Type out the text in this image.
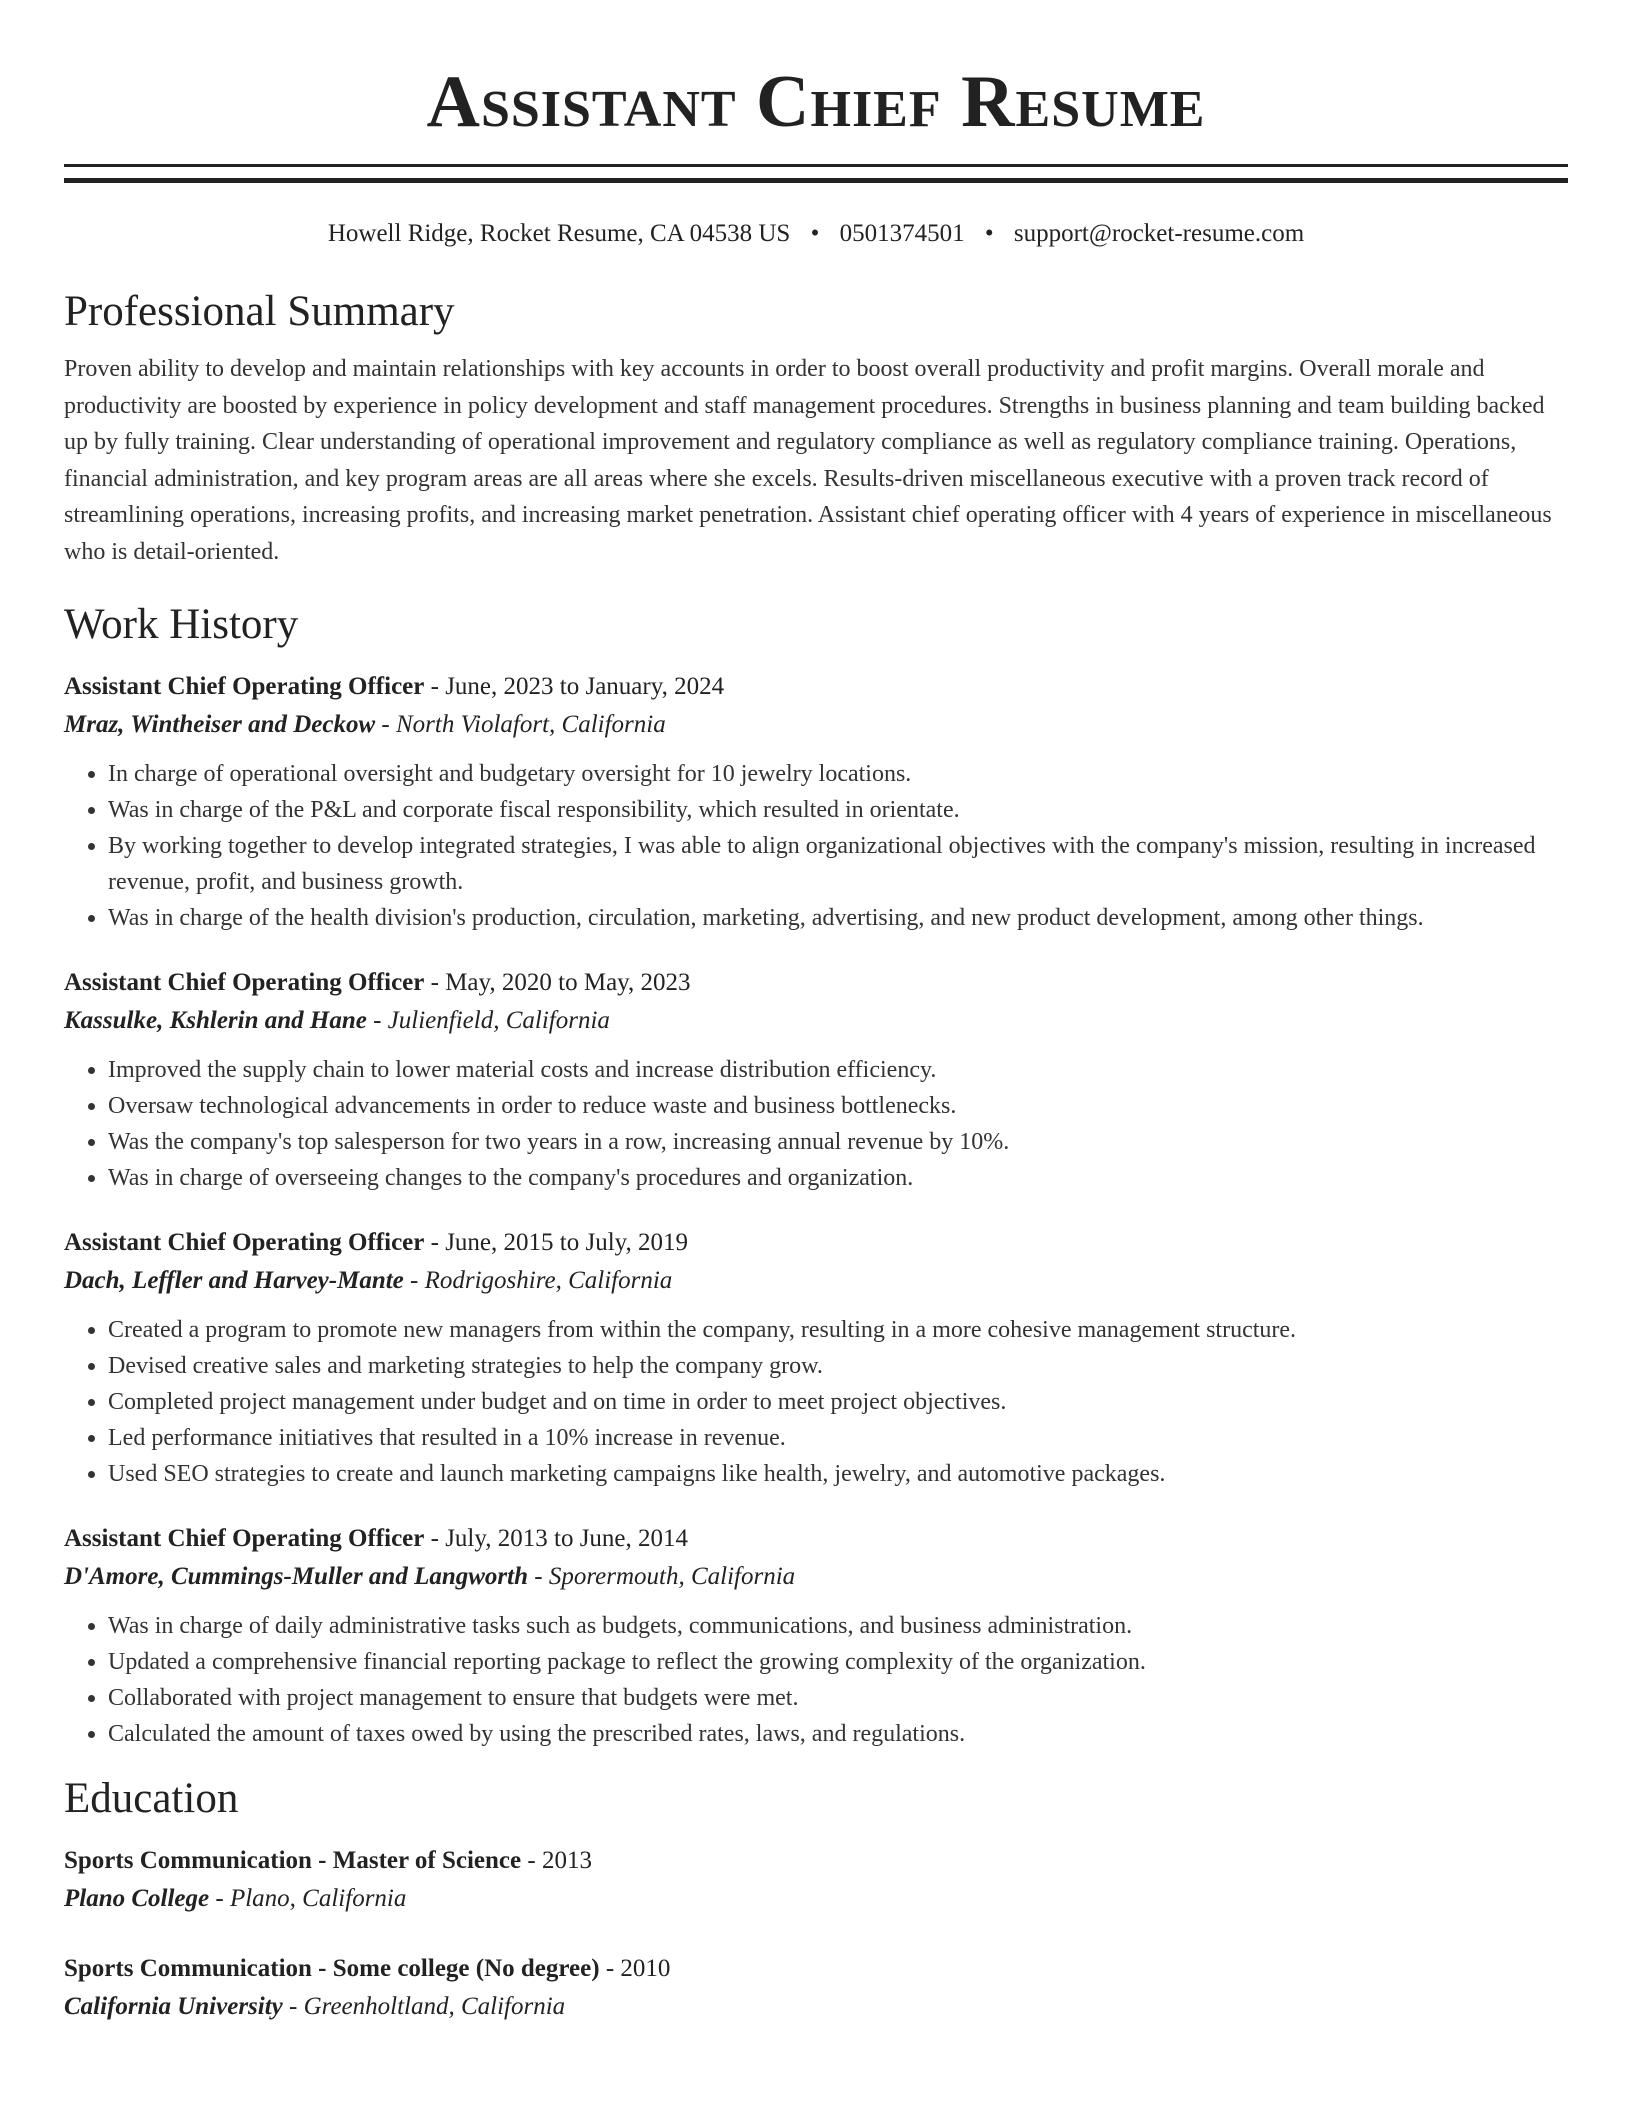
Assistant Chief Resume
Howell Ridge, Rocket Resume, CA 04538 US • 0501374501 • support@rocket-resume.com
Professional Summary

Proven ability to develop and maintain relationships with key accounts in order to boost overall productivity and profit margins. Overall morale and productivity are boosted by experience in policy development and staff management procedures. Strengths in business planning and team building backed up by fully training. Clear understanding of operational improvement and regulatory compliance as well as regulatory compliance training. Operations, financial administration, and key program areas are all areas where she excels. Results-driven miscellaneous executive with a proven track record of streamlining operations, increasing profits, and increasing market penetration. Assistant chief operating officer with 4 years of experience in miscellaneous who is detail-oriented.

Work History
Assistant Chief Operating Officer - June, 2023 to January, 2024
Mraz, Wintheiser and Deckow - North Violafort, California
• In charge of operational oversight and budgetary oversight for 10 jewelry locations.
• Was in charge of the P&L and corporate fiscal responsibility, which resulted in orientate.
• By working together to develop integrated strategies, I was able to align organizational objectives with the company's mission, resulting in increased revenue, profit, and business growth.
• Was in charge of the health division's production, circulation, marketing, advertising, and new product development, among other things.
Assistant Chief Operating Officer - May, 2020 to May, 2023
Kassulke, Kshlerin and Hane - Julienfield, California
• Improved the supply chain to lower material costs and increase distribution efficiency.
• Oversaw technological advancements in order to reduce waste and business bottlenecks.
• Was the company's top salesperson for two years in a row, increasing annual revenue by 10%.
• Was in charge of overseeing changes to the company's procedures and organization.
Assistant Chief Operating Officer - June, 2015 to July, 2019
Dach, Leffler and Harvey-Mante - Rodrigoshire, California
• Created a program to promote new managers from within the company, resulting in a more cohesive management structure.
• Devised creative sales and marketing strategies to help the company grow.
• Completed project management under budget and on time in order to meet project objectives.
• Led performance initiatives that resulted in a 10% increase in revenue.
• Used SEO strategies to create and launch marketing campaigns like health, jewelry, and automotive packages.
Assistant Chief Operating Officer - July, 2013 to June, 2014
D'Amore, Cummings-Muller and Langworth - Sporermouth, California
• Was in charge of daily administrative tasks such as budgets, communications, and business administration.
• Updated a comprehensive financial reporting package to reflect the growing complexity of the organization.
• Collaborated with project management to ensure that budgets were met.
• Calculated the amount of taxes owed by using the prescribed rates, laws, and regulations.
Education
Sports Communication - Master of Science - 2013
Plano College - Plano, California
Sports Communication - Some college (No degree) - 2010
California University - Greenholtland, California
